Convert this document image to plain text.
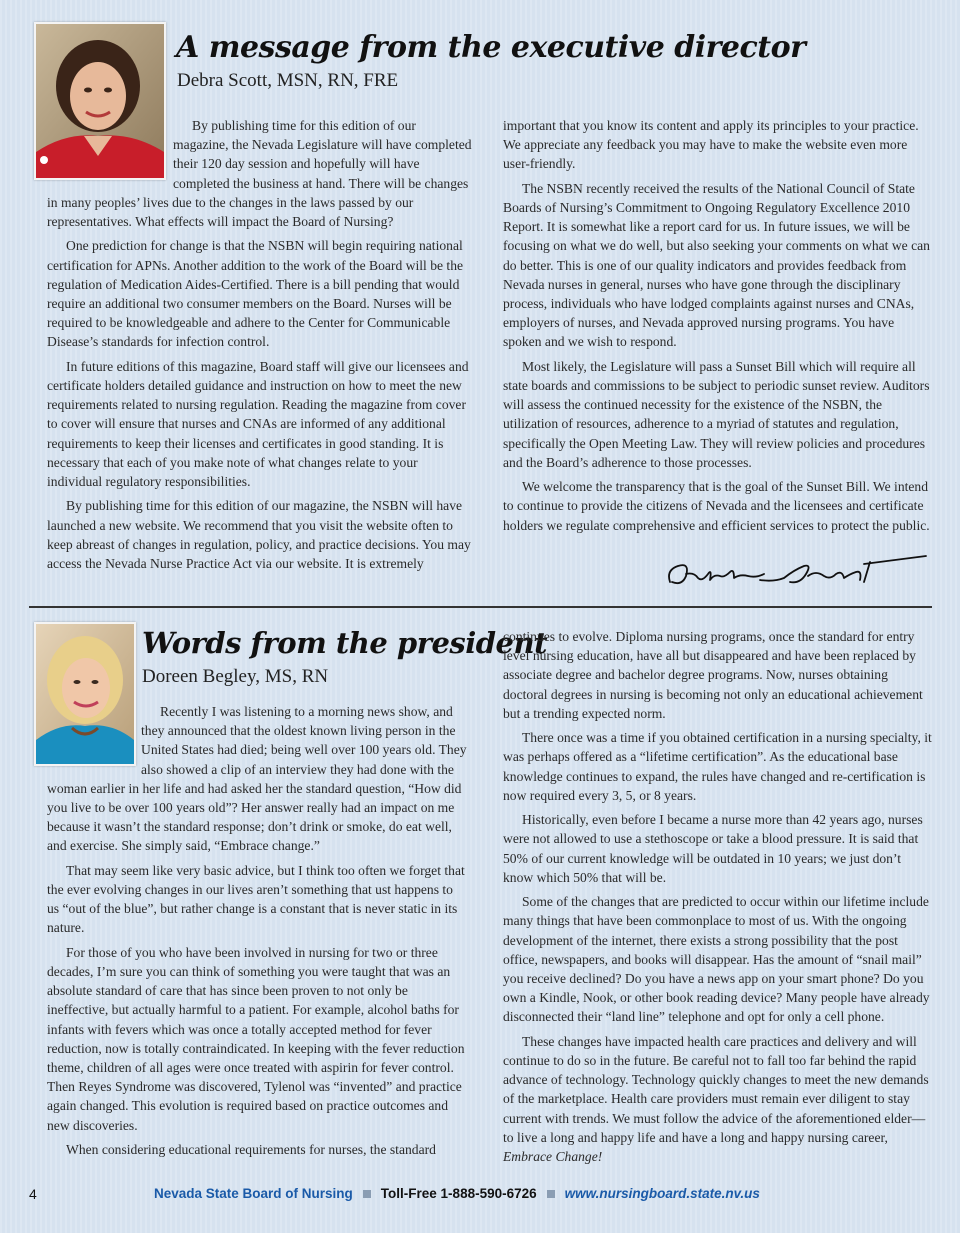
A message from the executive director
Debra Scott, MSN, RN, FRE

By publishing time for this edition of our magazine, the Nevada Legislature will have completed their 120 day session and hopefully will have completed the business at hand. There will be changes in many peoples’ lives due to the changes in the laws passed by our representatives. What effects will impact the Board of Nursing?

One prediction for change is that the NSBN will begin requiring national certification for APNs. Another addition to the work of the Board will be the regulation of Medication Aides-Certified. There is a bill pending that would require an additional two consumer members on the Board. Nurses will be required to be knowledgeable and adhere to the Center for Communicable Disease’s standards for infection control.

In future editions of this magazine, Board staff will give our licensees and certificate holders detailed guidance and instruction on how to meet the new requirements related to nursing regulation. Reading the magazine from cover to cover will ensure that nurses and CNAs are informed of any additional requirements to keep their licenses and certificates in good standing. It is necessary that each of you make note of what changes relate to your individual regulatory responsibilities.

By publishing time for this edition of our magazine, the NSBN will have launched a new website. We recommend that you visit the website often to keep abreast of changes in regulation, policy, and practice decisions. You may access the Nevada Nurse Practice Act via our website. It is extremely

important that you know its content and apply its principles to your practice. We appreciate any feedback you may have to make the website even more user-friendly.

The NSBN recently received the results of the National Council of State Boards of Nursing’s Commitment to Ongoing Regulatory Excellence 2010 Report. It is somewhat like a report card for us. In future issues, we will be focusing on what we do well, but also seeking your comments on what we can do better. This is one of our quality indicators and provides feedback from Nevada nurses in general, nurses who have gone through the disciplinary process, individuals who have lodged complaints against nurses and CNAs, employers of nurses, and Nevada approved nursing programs. You have spoken and we wish to respond.

Most likely, the Legislature will pass a Sunset Bill which will require all state boards and commissions to be subject to periodic sunset review. Auditors will assess the continued necessity for the existence of the NSBN, the utilization of resources, adherence to a myriad of statutes and regulation, specifically the Open Meeting Law. They will review policies and procedures and the Board’s adherence to those processes.

We welcome the transparency that is the goal of the Sunset Bill. We intend to continue to provide the citizens of Nevada and the licensees and certificate holders we regulate comprehensive and efficient services to protect the public.

Words from the president
Doreen Begley, MS, RN

Recently I was listening to a morning news show, and they announced that the oldest known living person in the United States had died; being well over 100 years old. They also showed a clip of an interview they had done with the woman earlier in her life and had asked her the standard question, “How did you live to be over 100 years old”? Her answer really had an impact on me because it wasn’t the standard response; don’t drink or smoke, do eat well, and exercise. She simply said, “Embrace change.”

That may seem like very basic advice, but I think too often we forget that the ever evolving changes in our lives aren’t something that ust happens to us “out of the blue”, but rather change is a constant that is never static in its nature.

For those of you who have been involved in nursing for two or three decades, I’m sure you can think of something you were taught that was an absolute standard of care that has since been proven to not only be ineffective, but actually harmful to a patient. For example, alcohol baths for infants with fevers which was once a totally accepted method for fever reduction, now is totally contraindicated. In keeping with the fever reduction theme, children of all ages were once treated with aspirin for fever control. Then Reyes Syndrome was discovered, Tylenol was “invented” and practice again changed. This evolution is required based on practice outcomes and new discoveries.

When considering educational requirements for nurses, the standard

continues to evolve. Diploma nursing programs, once the standard for entry level nursing education, have all but disappeared and have been replaced by associate degree and bachelor degree programs. Now, nurses obtaining doctoral degrees in nursing is becoming not only an educational achievement but a trending expected norm.

There once was a time if you obtained certification in a nursing specialty, it was perhaps offered as a “lifetime certification”. As the educational base knowledge continues to expand, the rules have changed and re-certification is now required every 3, 5, or 8 years.

Historically, even before I became a nurse more than 42 years ago, nurses were not allowed to use a stethoscope or take a blood pressure. It is said that 50% of our current knowledge will be outdated in 10 years; we just don’t know which 50% that will be.

Some of the changes that are predicted to occur within our lifetime include many things that have been commonplace to most of us. With the ongoing development of the internet, there exists a strong possibility that the post office, newspapers, and books will disappear. Has the amount of “snail mail” you receive declined? Do you have a news app on your smart phone? Do you own a Kindle, Nook, or other book reading device? Many people have already disconnected their “land line” telephone and opt for only a cell phone.

These changes have impacted health care practices and delivery and will continue to do so in the future. Be careful not to fall too far behind the rapid advance of technology. Technology quickly changes to meet the new demands of the marketplace. Health care providers must remain ever diligent to stay current with trends. We must follow the advice of the aforementioned elder—to live a long and happy life and have a long and happy nursing career,
Embrace Change!

4	Nevada State Board of Nursing Toll-Free 1-888-590-6726 www.nursingboard.state.nv.us
